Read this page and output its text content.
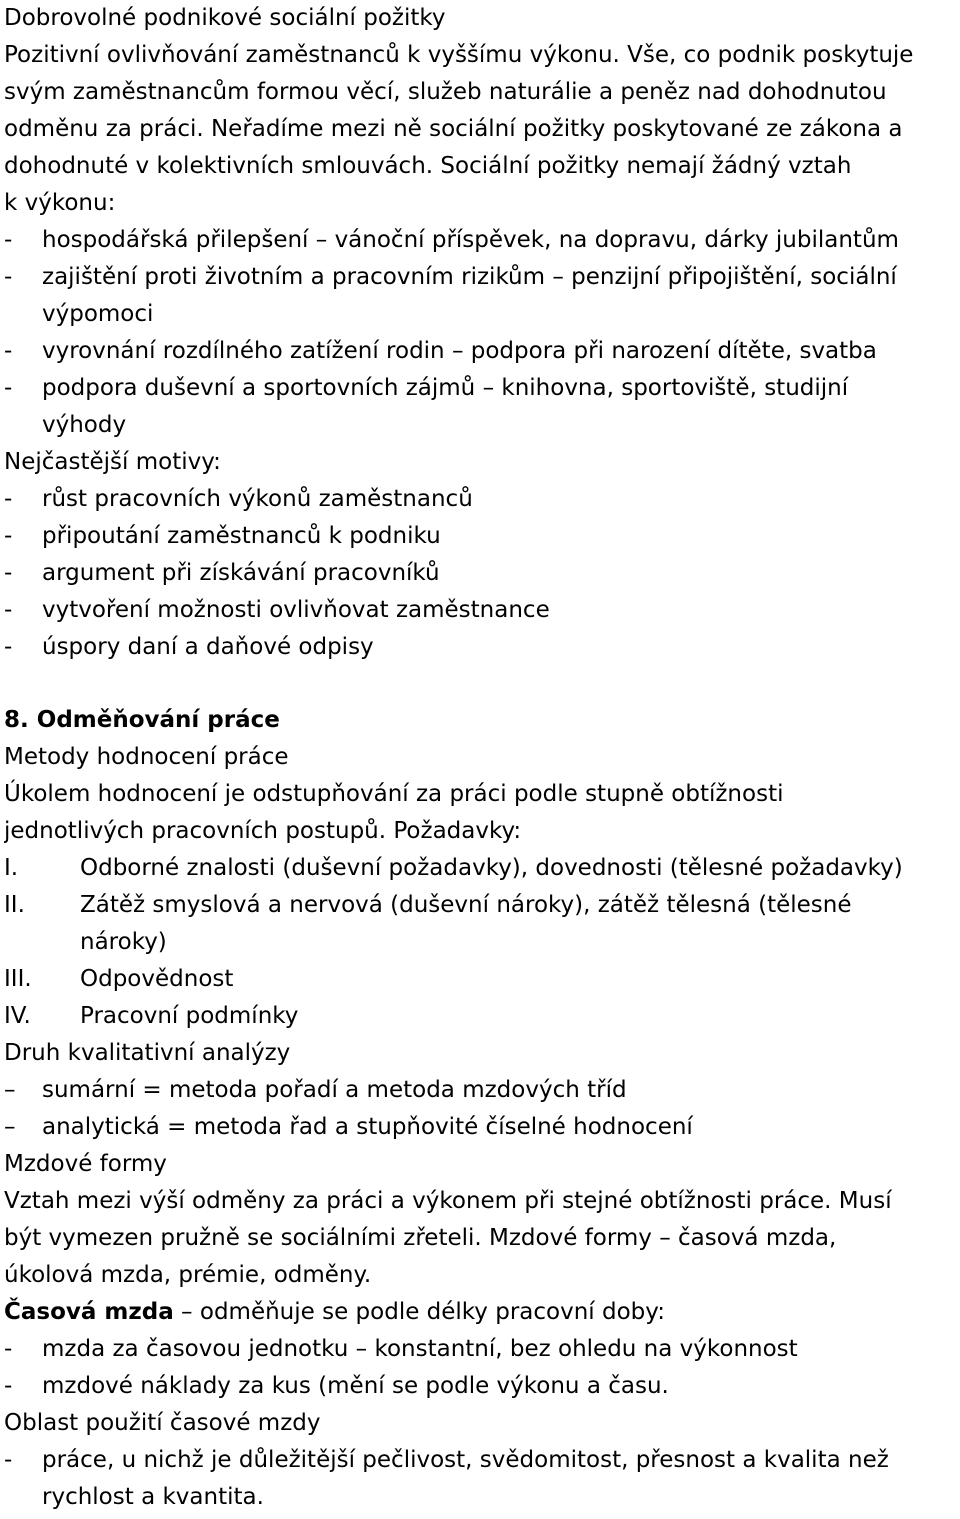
Dobrovolné podnikové sociální požitky
Pozitivní ovlivňování zaměstnanců k vyššímu výkonu. Vše, co podnik poskytuje
svým zaměstnancům formou věcí, služeb naturálie a peněz nad dohodnutou
odměnu za práci. Neřadíme mezi ně sociální požitky poskytované ze zákona a
dohodnuté v kolektivních smlouvách. Sociální požitky nemají žádný vztah
k výkonu:
-	hospodářská přilepšení – vánoční příspěvek, na dopravu, dárky jubilantům
-	zajištění proti životním a pracovním rizikům – penzijní připojištění, sociální výpomoci
-	vyrovnání rozdílného zatížení rodin – podpora při narození dítěte, svatba
-	podpora duševní a sportovních zájmů – knihovna, sportoviště, studijní výhody
Nejčastější motivy:
-	růst pracovních výkonů zaměstnanců
-	připoutání zaměstnanců k podniku
-	argument při získávání pracovníků
-	vytvoření možnosti ovlivňovat zaměstnance
-	úspory daní a daňové odpisy
8. Odměňování práce
Metody hodnocení práce
Úkolem hodnocení je odstupňování za práci podle stupně obtížnosti
jednotlivých pracovních postupů. Požadavky:
I.	Odborné znalosti (duševní požadavky), dovednosti (tělesné požadavky)
II.	Zátěž smyslová a nervová (duševní nároky), zátěž tělesná (tělesné nároky)
III.	Odpovědnost
IV.	Pracovní podmínky
Druh kvalitativní analýzy
–	sumární = metoda pořadí a metoda mzdových tříd
–	analytická = metoda řad a stupňovité číselné hodnocení
Mzdové formy
Vztah mezi výší odměny za práci a výkonem při stejné obtížnosti práce. Musí
být vymezen pružně se sociálními zřeteli. Mzdové formy – časová mzda,
úkolová mzda, prémie, odměny.
Časová mzda – odměňuje se podle délky pracovní doby:
-	mzda za časovou jednotku – konstantní, bez ohledu na výkonnost
-	mzdové náklady za kus (mění se podle výkonu a času.
Oblast použití časové mzdy
-	práce, u nichž je důležitější pečlivost, svědomitost, přesnost a kvalita než rychlost a kvantita.
